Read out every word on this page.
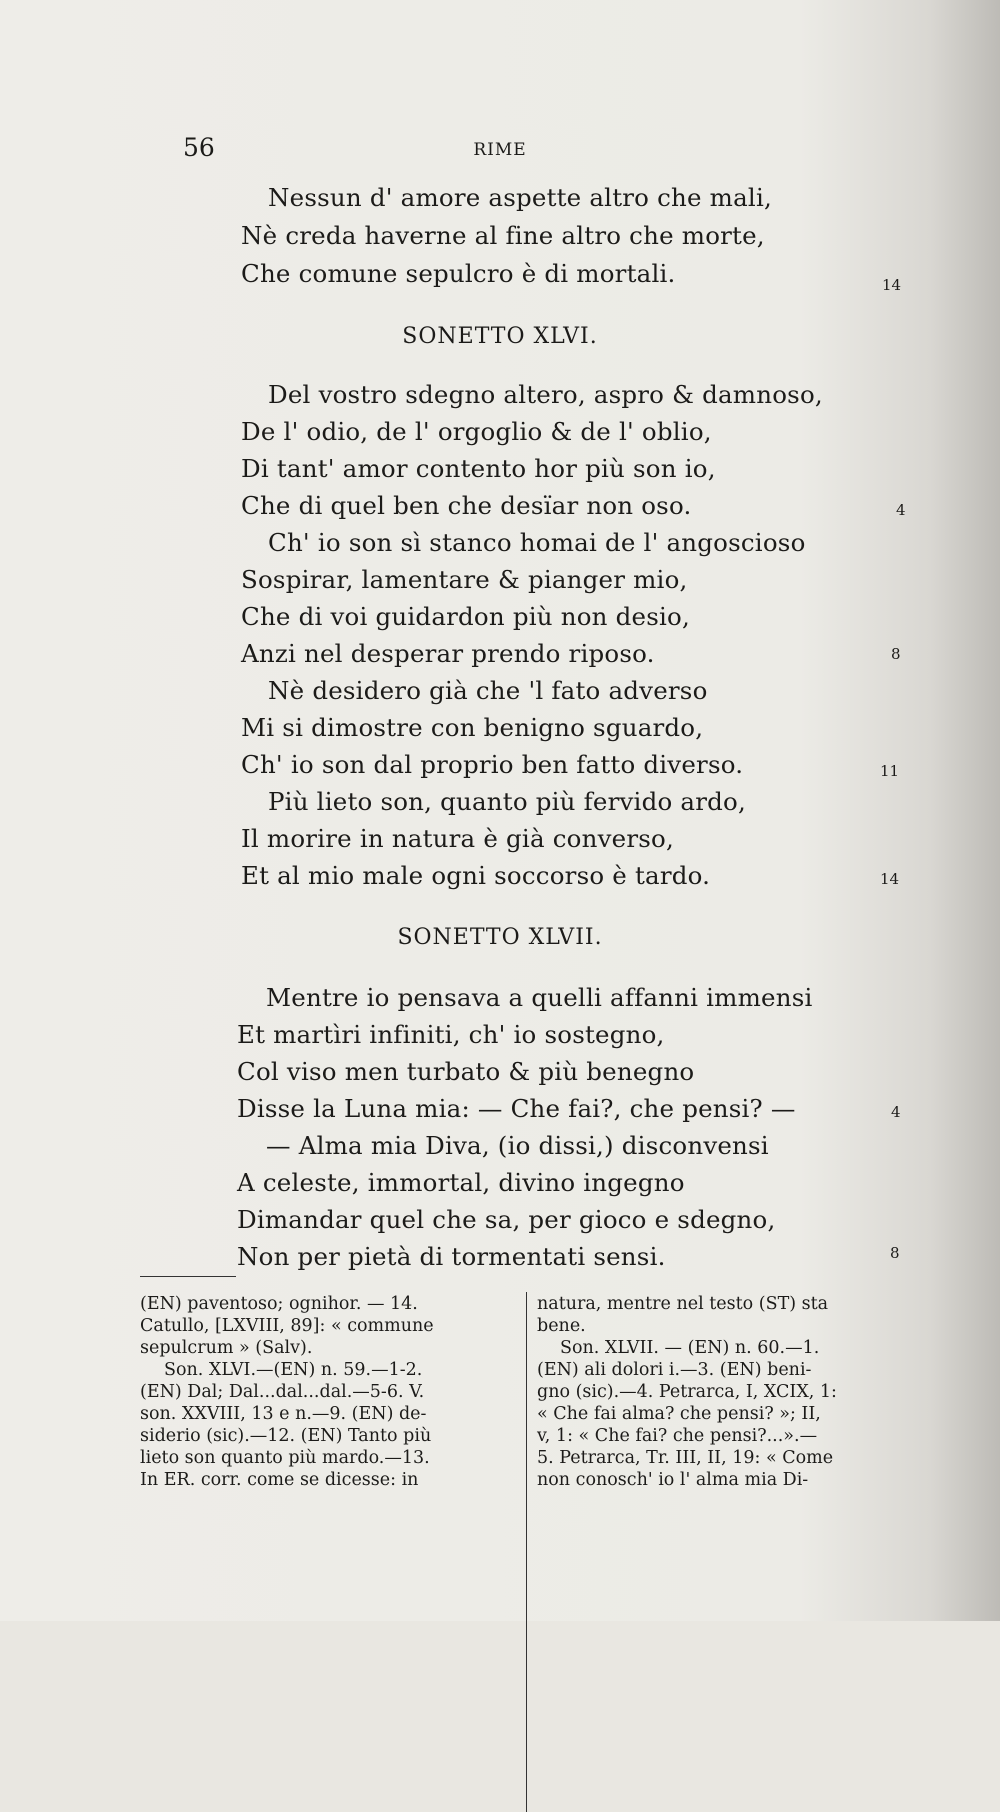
56	RIME
Nessun d' amore aspette altro che mali,
Nè creda haverne al fine altro che morte,
Che comune sepulcro è di mortali.	14
SONETTO XLVI.
Del vostro sdegno altero, aspro & damnoso,
De l' odio, de l' orgoglio & de l' oblio,
Di tant' amor contento hor più son io,
Che di quel ben che desïar non oso.	4
Ch' io son sì stanco homai de l' angoscioso
Sospirar, lamentare & pianger mio,
Che di voi guidardon più non desio,
Anzi nel desperar prendo riposo.	8
Nè desidero già che 'l fato adverso
Mi si dimostre con benigno sguardo,
Ch' io son dal proprio ben fatto diverso.	11
Più lieto son, quanto più fervido ardo,
Il morire in natura è già converso,
Et al mio male ogni soccorso è tardo.	14
SONETTO XLVII.
Mentre io pensava a quelli affanni immensi
Et martìri infiniti, ch' io sostegno,
Col viso men turbato & più benegno
Disse la Luna mia: — Che fai?, che pensi? —	4
— Alma mia Diva, (io dissi,) disconvensi
A celeste, immortal, divino ingegno
Dimandar quel che sa, per gioco e sdegno,
Non per pietà di tormentati sensi.	8
(EN) paventoso; ognihor. — 14.
Catullo, [LXVIII, 89]: « commune
sepulcrum » (Salv).
Son. XLVI.—(EN) n. 59.—1-2.
(EN) Dal; Dal...dal...dal.—5-6. V.
son. XXVIII, 13 e n.—9. (EN) de-
siderio (sic).—12. (EN) Tanto più
lieto son quanto più mardo.—13.
In ER. corr. come se dicesse: in
natura, mentre nel testo (ST) sta
bene.
Son. XLVII. — (EN) n. 60.—1.
(EN) ali dolori i.—3. (EN) beni-
gno (sic).—4. Petrarca, I, XCIX, 1:
« Che fai alma? che pensi? »; II,
v, 1: « Che fai? che pensi?...».—
5. Petrarca, Tr. III, II, 19: « Come
non conosch' io l' alma mia Di-
